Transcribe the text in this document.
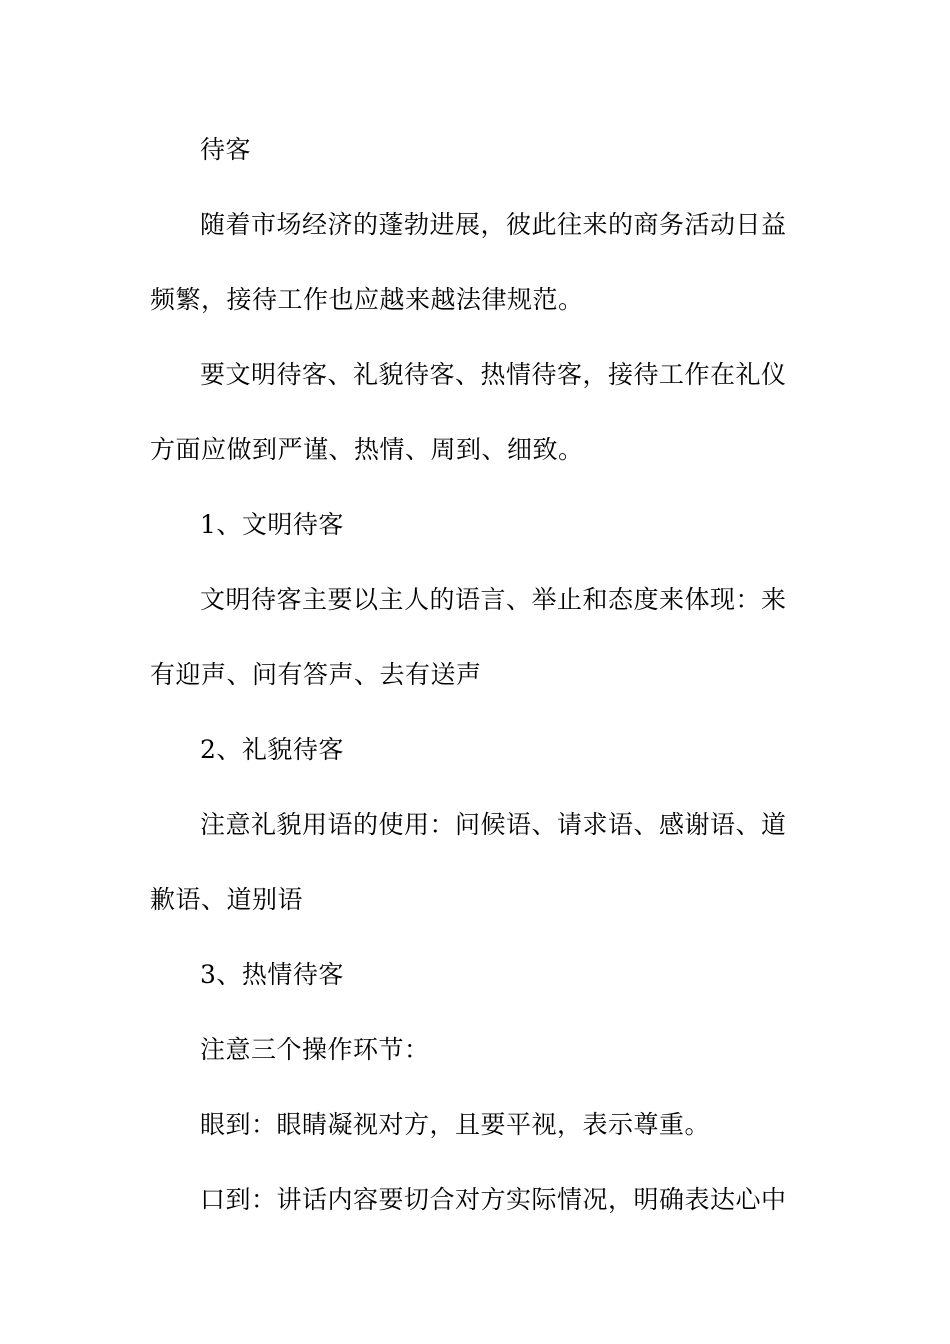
待客

随着市场经济的蓬勃进展，彼此往来的商务活动日益频繁，接待工作也应越来越法律规范。

要文明待客、礼貌待客、热情待客，接待工作在礼仪方面应做到严谨、热情、周到、细致。

1、文明待客

文明待客主要以主人的语言、举止和态度来体现：来有迎声、问有答声、去有送声

2、礼貌待客

注意礼貌用语的使用：问候语、请求语、感谢语、道歉语、道别语

3、热情待客

注意三个操作环节：

眼到：眼睛凝视对方，且要平视，表示尊重。

口到：讲话内容要切合对方实际情况，明确表达心中
